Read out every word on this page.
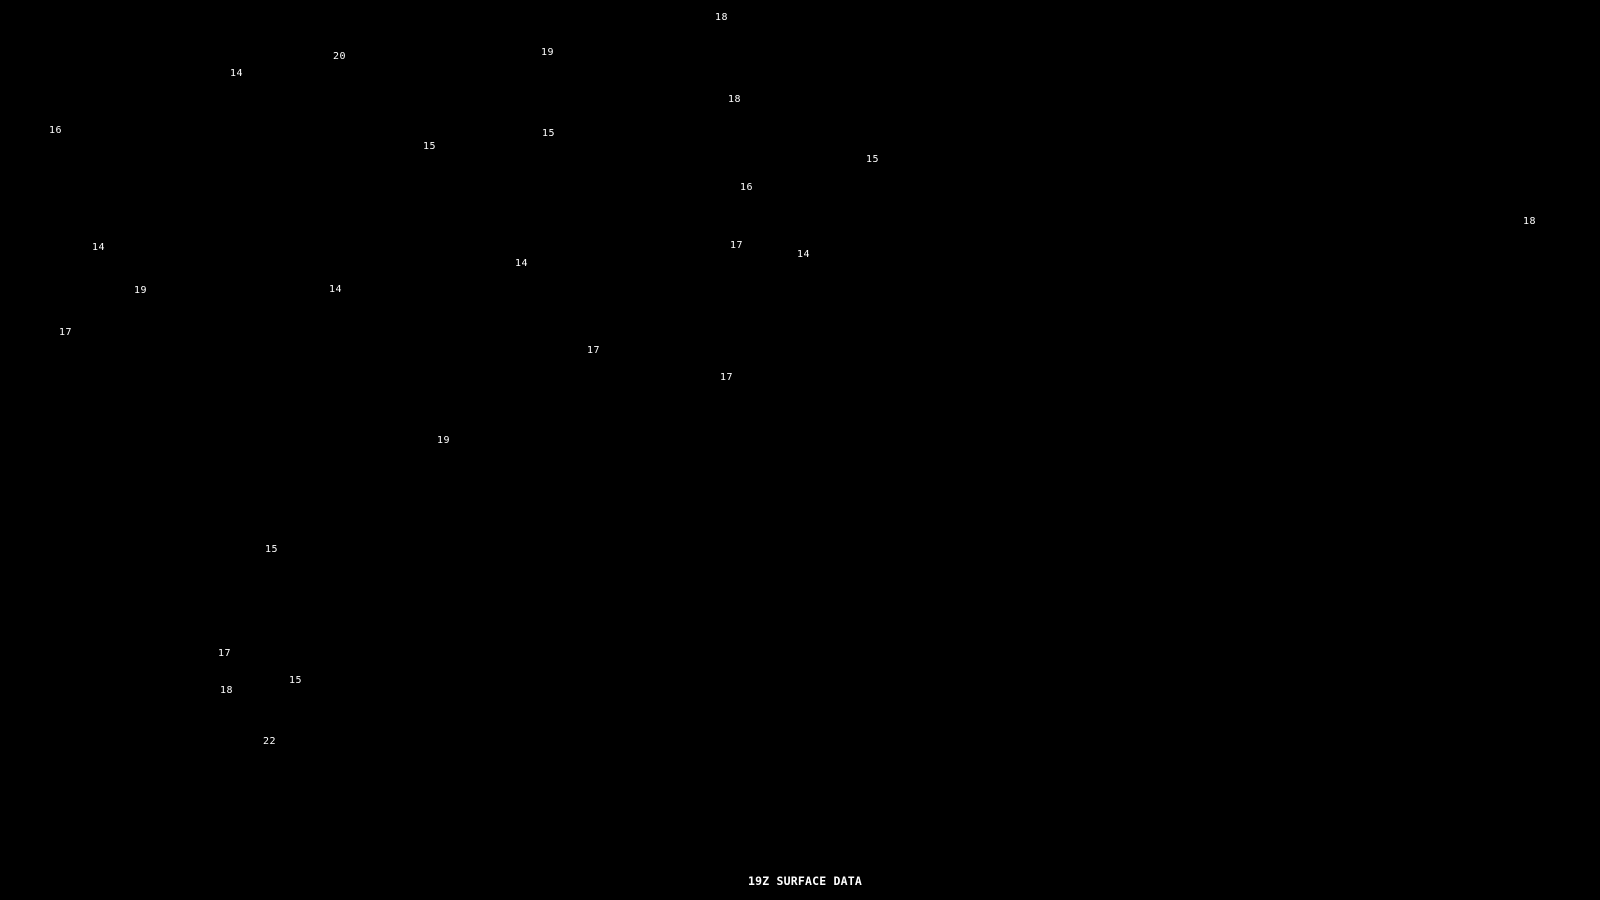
18
19
20
14
18
16	15
15
15
16
18
17
14
14
14
14
19
17
17
17
19
15
17
15
18
22
19Z SURFACE DATA
